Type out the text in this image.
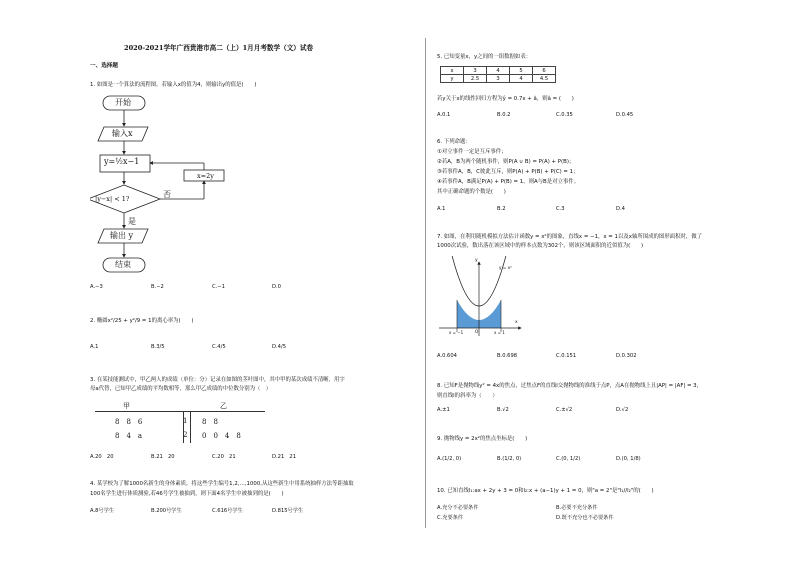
2020-2021学年广西贵港市高二（上）1月月考数学（文）试卷
一、选择题
1. 如图是一个算法的流程图，若输入x的值为4，则输出y的值是(　　)
开始
输入x
y=½x−1
|y−x| < 1?	否
x=2y
是
输出 y
结束
A.−3	B.−2	C.−1	D.0
2. 椭圆x²/25 + y²/9 = 1的离心率为(　　)
A.1	B.3/5	C.4/5	D.4/5
3. 在某技能测试中，甲乙两人的成绩（单位：分）记录在如图的茎叶图中，其中甲的某次成绩不清晰，用字
母a代替，已知甲乙成绩的平均数相等，那么甲乙成绩的中位数分别为（　）
甲	乙
8　8　6	1 8　8
8　4　a	2 0　0　4　8
A.20　20	B.21　20	C.20　21	D.21　21
4. 某学校为了解1000名新生的身体素质，将这些学生编号1,2,…,1000,从这些新生中用系统抽样方法等距抽取
100名学生进行体质测验,若46号学生被抽到，则下面4名学生中被抽到的是(　　)
A.8号学生	B.200号学生	C.616号学生	D.815号学生
5. 已知变量x，y之间的一组数据如表：
x	3	4	5	6
y	2.5	3	4	4.5
若y关于x的线性回归方程为ŷ = 0.7x + â，则â = (　　)
A.0.1	B.0.2	C.0.35	D.0.45
6. 下列命题：
①对立事件一定是互斥事件；
②若A，B为两个随机事件，则P(A ∪ B) = P(A) + P(B)；
③若事件A，B，C彼此互斥，则P(A) + P(B) + P(C) = 1；
④若事件A，B满足P(A) + P(B) = 1，则A与B是对立事件。
其中正确命题的个数是(　　)
A.1	B.2	C.3	D.4
7. 如图，在利用随机模拟方法估计函数y = x²的图象，直线x = −1，x = 1以及x轴所围成的图形面积时，做了
1000次试验，数出落在该区域中的样本点数为302个，则该区域面积的近似值为(　　)
y
x
y = x²
O
x = −1	x = 1
A.0.604	B.0.698	C.0.151	D.0.302
8. 已知F是抛物线y² = 4x的焦点，过焦点F的直线l交抛物线的准线于点P，点A在抛物线上且|AP| = |AF| = 3，
则直线l的斜率为（　　）
A.±1	B.√2	C.±√2	D.√2
9. 抛物线y = 2x²的焦点坐标是(　　)
A.(1/2, 0)	B.(1/2, 0)	C.(0, 1/2)	D.(0, 1/8)
10. 已知直线l₁:ax + 2y + 3 = 0和l₂:x + (a−1)y + 1 = 0，则"a = 2"是"l₁//l₂"的(　　)
A.充分不必要条件	B.必要不充分条件
C.充要条件	D.既不充分也不必要条件
